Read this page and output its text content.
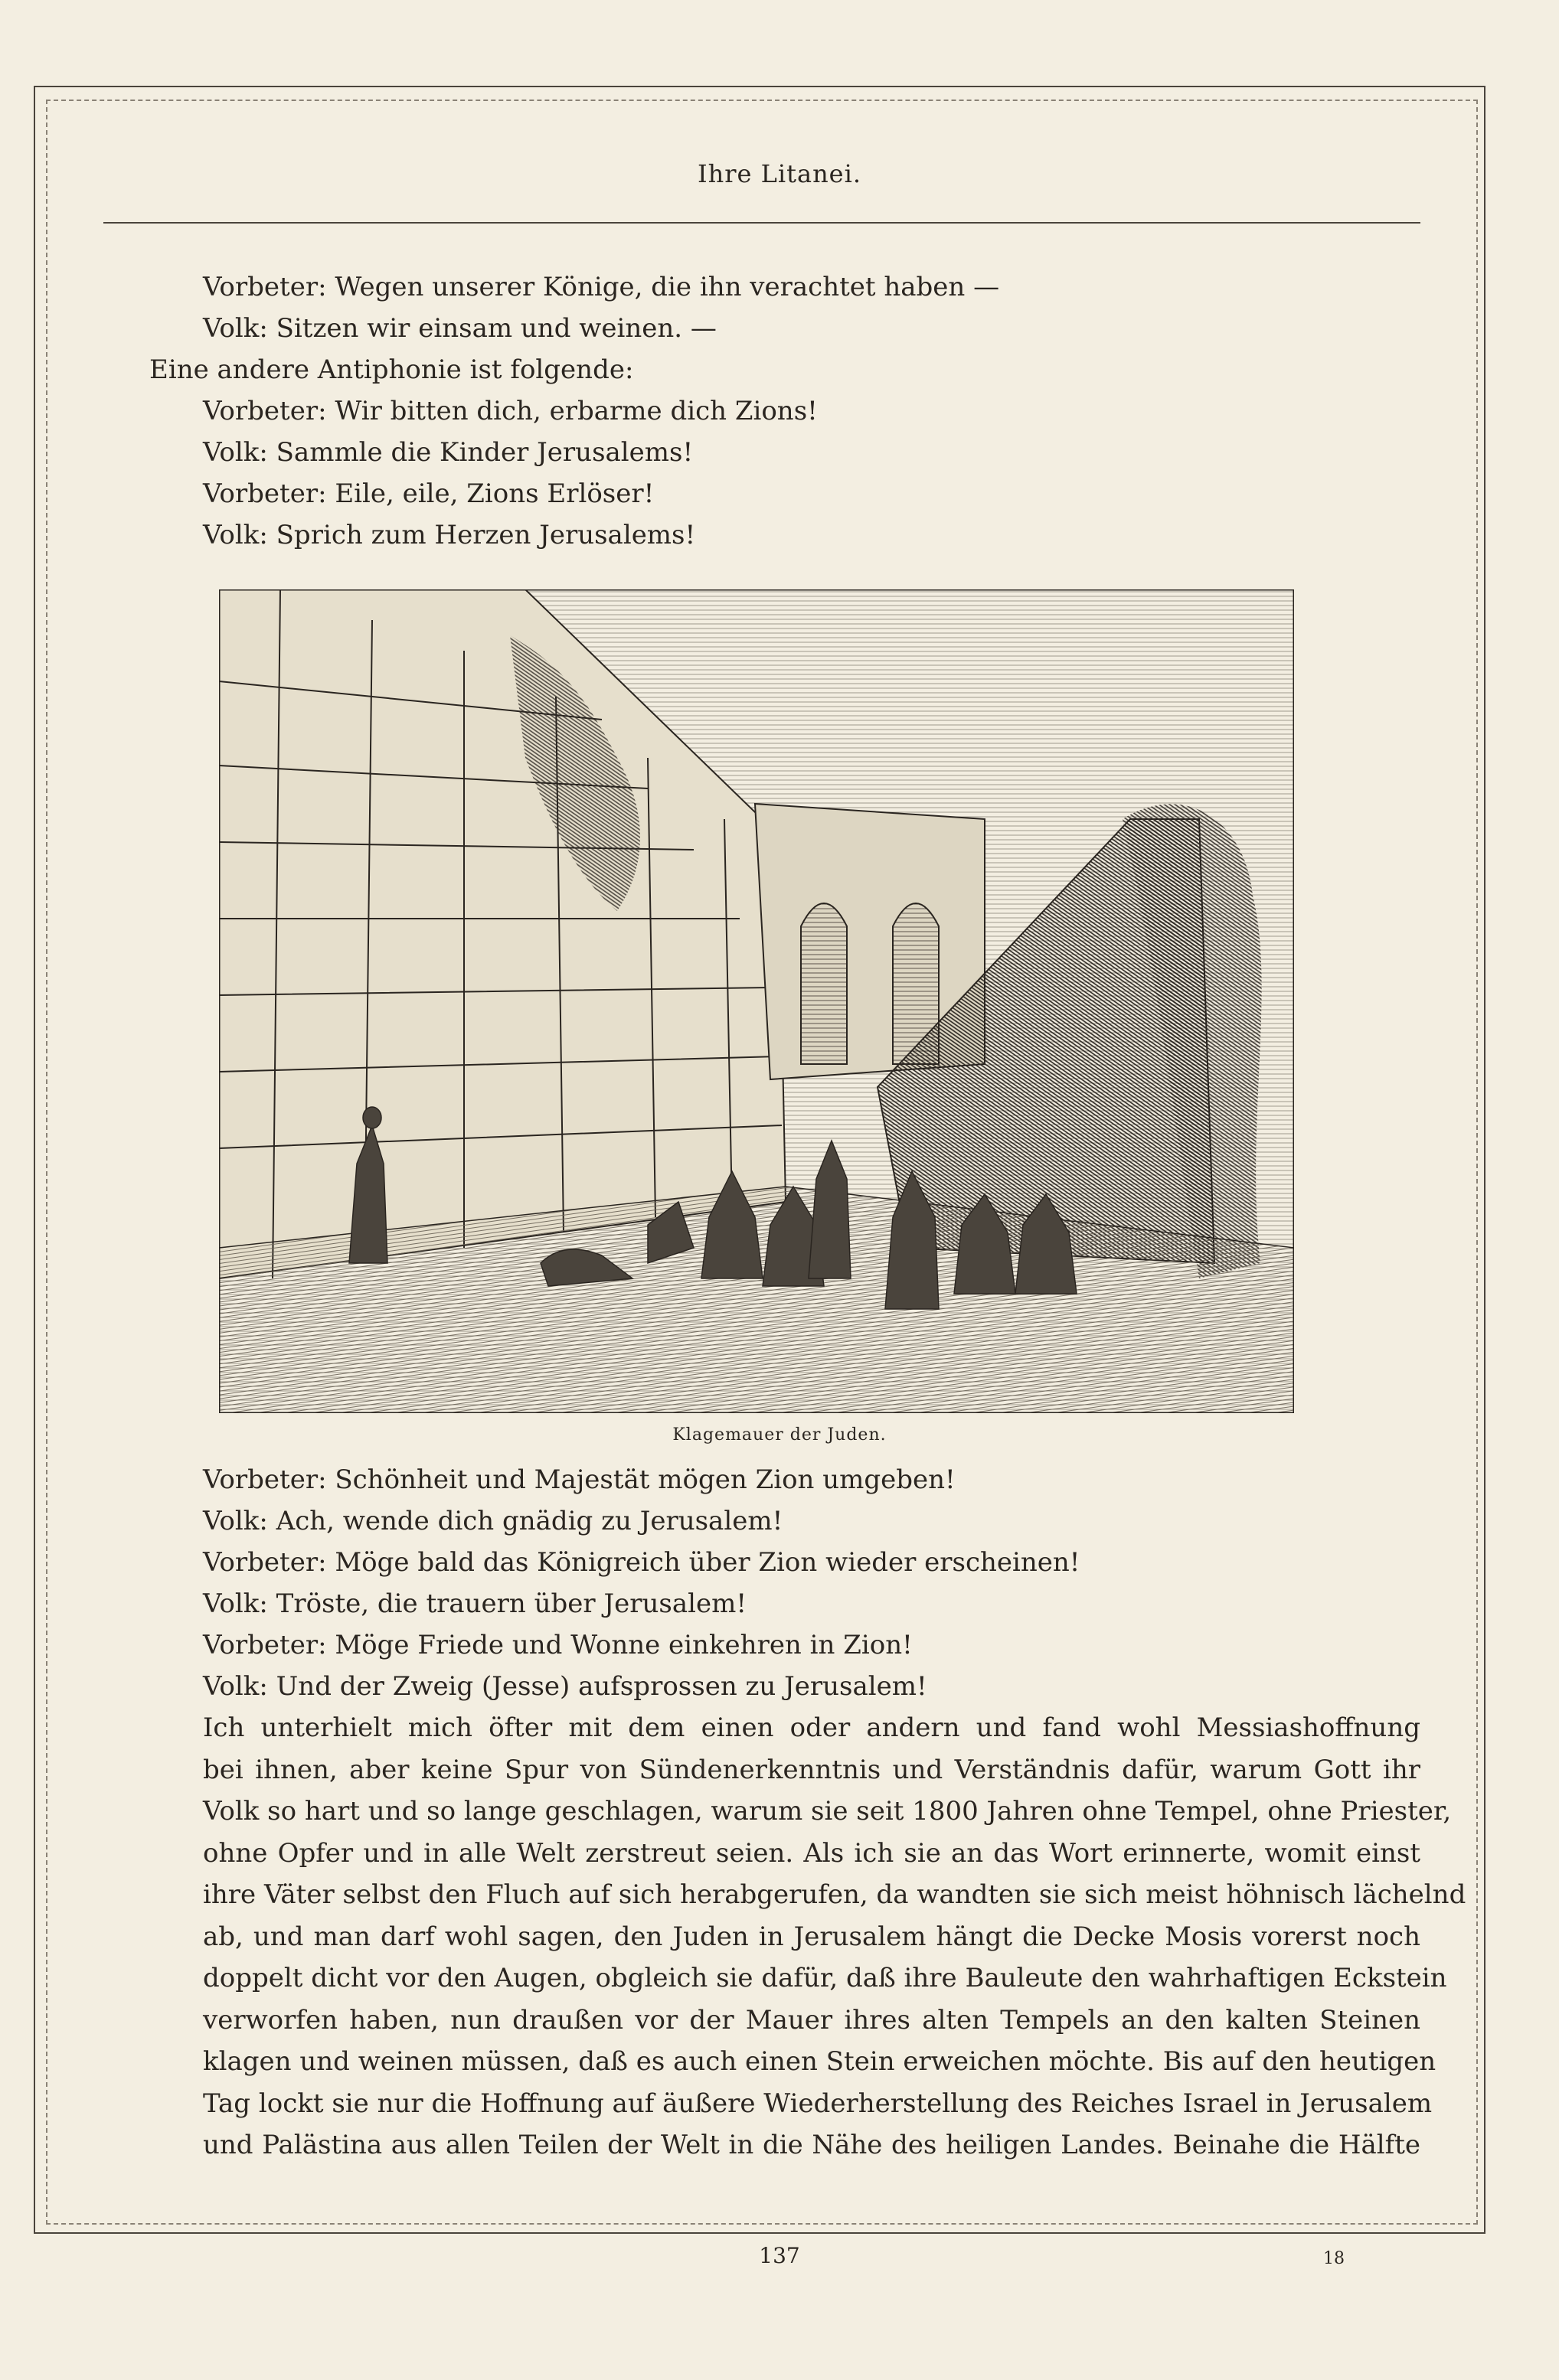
Ihre Litanei.

Vorbeter: Wegen unserer Könige, die ihn verachtet haben —

Volk: Sitzen wir einsam und weinen. —

Eine andere Antiphonie ist folgende:

Vorbeter: Wir bitten dich, erbarme dich Zions!

Volk: Sammle die Kinder Jerusalems!

Vorbeter: Eile, eile, Zions Erlöser!

Volk: Sprich zum Herzen Jerusalems!

Klagemauer der Juden.

Vorbeter: Schönheit und Majestät mögen Zion umgeben!

Volk: Ach, wende dich gnädig zu Jerusalem!

Vorbeter: Möge bald das Königreich über Zion wieder erscheinen!

Volk: Tröste, die trauern über Jerusalem!

Vorbeter: Möge Friede und Wonne einkehren in Zion!

Volk: Und der Zweig (Jesse) aufsprossen zu Jerusalem!

Ich unterhielt mich öfter mit dem einen oder andern und fand wohl Messiashoffnung
bei ihnen, aber keine Spur von Sündenerkenntnis und Verständnis dafür, warum Gott ihr
Volk so hart und so lange geschlagen, warum sie seit 1800 Jahren ohne Tempel, ohne Priester,
ohne Opfer und in alle Welt zerstreut seien. Als ich sie an das Wort erinnerte, womit einst
ihre Väter selbst den Fluch auf sich herabgerufen, da wandten sie sich meist höhnisch lächelnd
ab, und man darf wohl sagen, den Juden in Jerusalem hängt die Decke Mosis vorerst noch
doppelt dicht vor den Augen, obgleich sie dafür, daß ihre Bauleute den wahrhaftigen Eckstein
verworfen haben, nun draußen vor der Mauer ihres alten Tempels an den kalten Steinen
klagen und weinen müssen, daß es auch einen Stein erweichen möchte. Bis auf den heutigen
Tag lockt sie nur die Hoffnung auf äußere Wiederherstellung des Reiches Israel in Jerusalem
und Palästina aus allen Teilen der Welt in die Nähe des heiligen Landes. Beinahe die Hälfte
137	18
